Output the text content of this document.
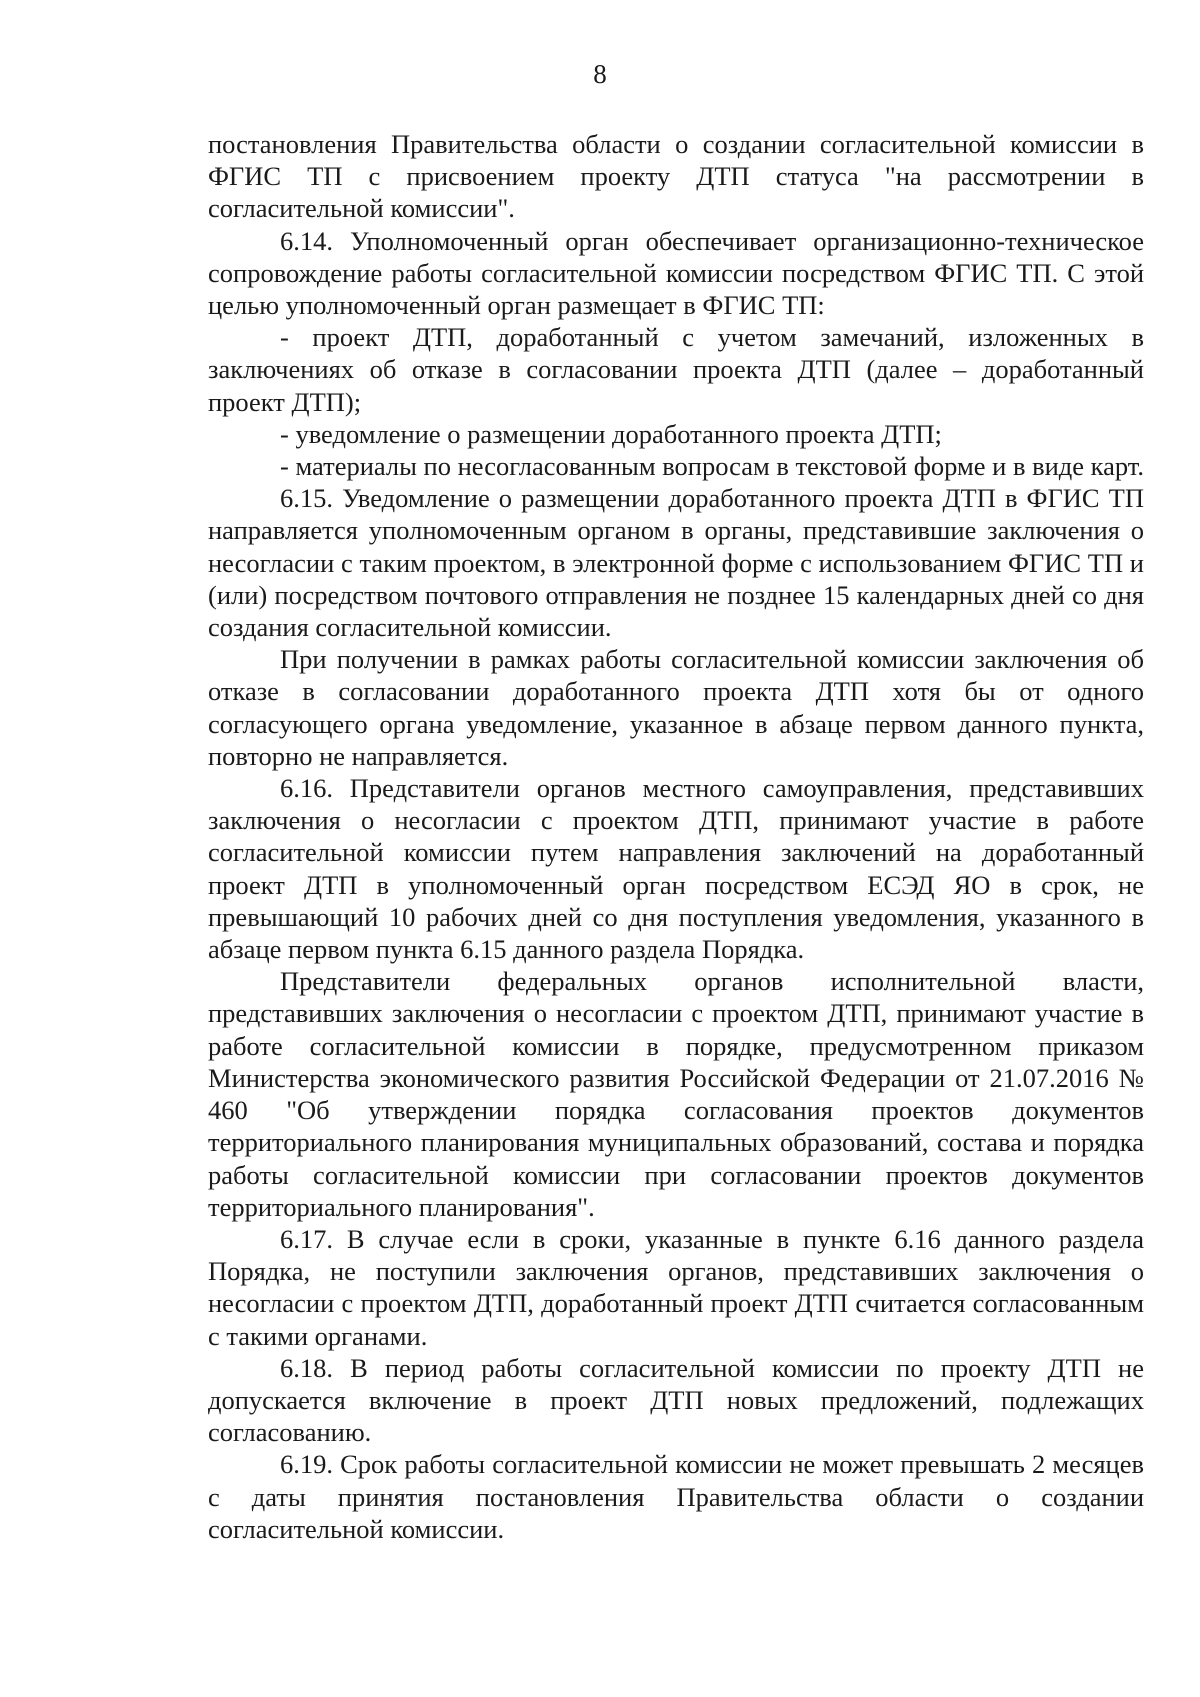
8

постановления Правительства области о создании согласительной комиссии в ФГИС ТП с присвоением проекту ДТП статуса "на рассмотрении в согласительной комиссии".

6.14. Уполномоченный орган обеспечивает организационно-техническое сопровождение работы согласительной комиссии посредством ФГИС ТП. С этой целью уполномоченный орган размещает в ФГИС ТП:

- проект ДТП, доработанный с учетом замечаний, изложенных в заключениях об отказе в согласовании проекта ДТП (далее – доработанный проект ДТП);

- уведомление о размещении доработанного проекта ДТП;

- материалы по несогласованным вопросам в текстовой форме и в виде карт.

6.15. Уведомление о размещении доработанного проекта ДТП в ФГИС ТП направляется уполномоченным органом в органы, представившие заключения о несогласии с таким проектом, в электронной форме с использованием ФГИС ТП и (или) посредством почтового отправления не позднее 15 календарных дней со дня создания согласительной комиссии.

При получении в рамках работы согласительной комиссии заключения об отказе в согласовании доработанного проекта ДТП хотя бы от одного согласующего органа уведомление, указанное в абзаце первом данного пункта, повторно не направляется.

6.16. Представители органов местного самоуправления, представивших заключения о несогласии с проектом ДТП, принимают участие в работе согласительной комиссии путем направления заключений на доработанный проект ДТП в уполномоченный орган посредством ЕСЭД ЯО в срок, не превышающий 10 рабочих дней со дня поступления уведомления, указанного в абзаце первом пункта 6.15 данного раздела Порядка.

Представители федеральных органов исполнительной власти, представивших заключения о несогласии с проектом ДТП, принимают участие в работе согласительной комиссии в порядке, предусмотренном приказом Министерства экономического развития Российской Федерации от 21.07.2016 № 460 "Об утверждении порядка согласования проектов документов территориального планирования муниципальных образований, состава и порядка работы согласительной комиссии при согласовании проектов документов территориального планирования".

6.17. В случае если в сроки, указанные в пункте 6.16 данного раздела Порядка, не поступили заключения органов, представивших заключения о несогласии с проектом ДТП, доработанный проект ДТП считается согласованным с такими органами.

6.18. В период работы согласительной комиссии по проекту ДТП не допускается включение в проект ДТП новых предложений, подлежащих согласованию.

6.19. Срок работы согласительной комиссии не может превышать 2 месяцев с даты принятия постановления Правительства области о создании согласительной комиссии.
